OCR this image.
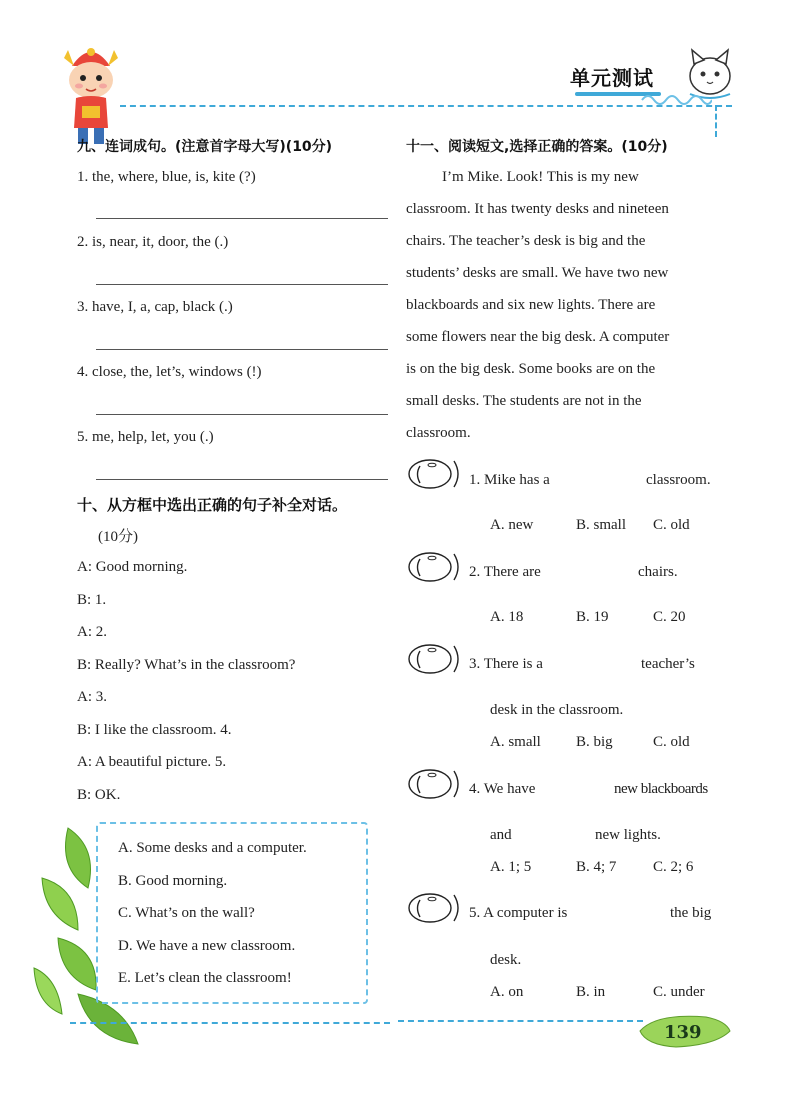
单元测试
九、连词成句。(注意首字母大写)(10分)
1. the, where, blue, is, kite (?)
2. is, near, it, door, the (.)
3. have, I, a, cap, black (.)
4. close, the, let’s, windows (!)
5. me, help, let, you (.)
十、从方框中选出正确的句子补全对话。
(10分)
A: Good morning.
B: 1.
A: 2.
B: Really? What’s in the classroom?
A: 3.
B: I like the classroom. 4.
A: A beautiful picture. 5.
B: OK.
A. Some desks and a computer.
B. Good morning.
C. What’s on the wall?
D. We have a new classroom.
E. Let’s clean the classroom!
十一、阅读短文,选择正确的答案。(10分)
I’m Mike. Look! This is my new
classroom. It has twenty desks and nineteen
chairs. The teacher’s desk is big and the
students’ desks are small. We have two new
blackboards and six new lights. There are
some flowers near the big desk. A computer
is on the big desk. Some books are on the
small desks. The students are not in the
classroom.
1. Mike has a	classroom.
A. new	B. small C. old
2. There are	chairs.
A. 18	B. 19	C. 20
3. There is a	teacher’s
desk in the classroom.
A. small B. big	C. old
4. We have	new blackboards
and	new lights.
A. 1; 5	B. 4; 7 C. 2; 6
5. A computer is	the big
desk.
A. on	B. in	C. under
139
